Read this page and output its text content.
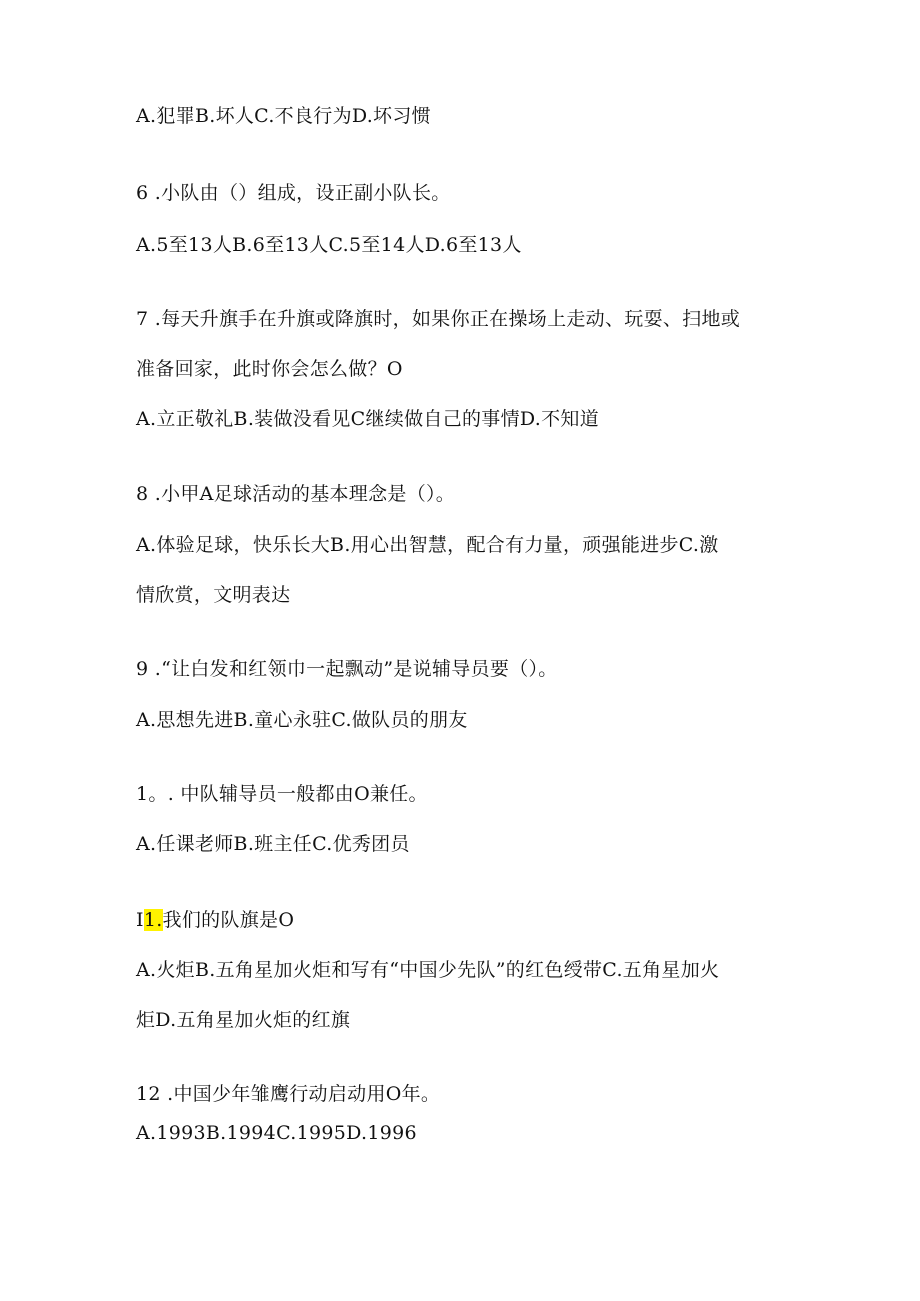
A.犯罪B.坏人C.不良行为D.坏习惯
6 .小队由（）组成，设正副小队长。
A.5至13人B.6至13人C.5至14人D.6至13人
7 .每天升旗手在升旗或降旗时，如果你正在操场上走动、玩耍、扫地或
准备回家，此时你会怎么做？O
A.立正敬礼B.装做没看见C继续做自己的事情D.不知道
8 .小甲A足球活动的基本理念是（）。
A.体验足球，快乐长大B.用心出智慧，配合有力量，顽强能进步C.激
情欣赏，文明表达
9 .“让白发和红领巾一起飘动”是说辅导员要（）。
A.思想先进B.童心永驻C.做队员的朋友
1。. 中队辅导员一般都由O兼任。
A.任课老师B.班主任C.优秀团员
I1.我们的队旗是O
A.火炬B.五角星加火炬和写有“中国少先队”的红色绶带C.五角星加火
炬D.五角星加火炬的红旗
12 .中国少年雏鹰行动启动用O年。
A.1993B.1994C.1995D.1996
